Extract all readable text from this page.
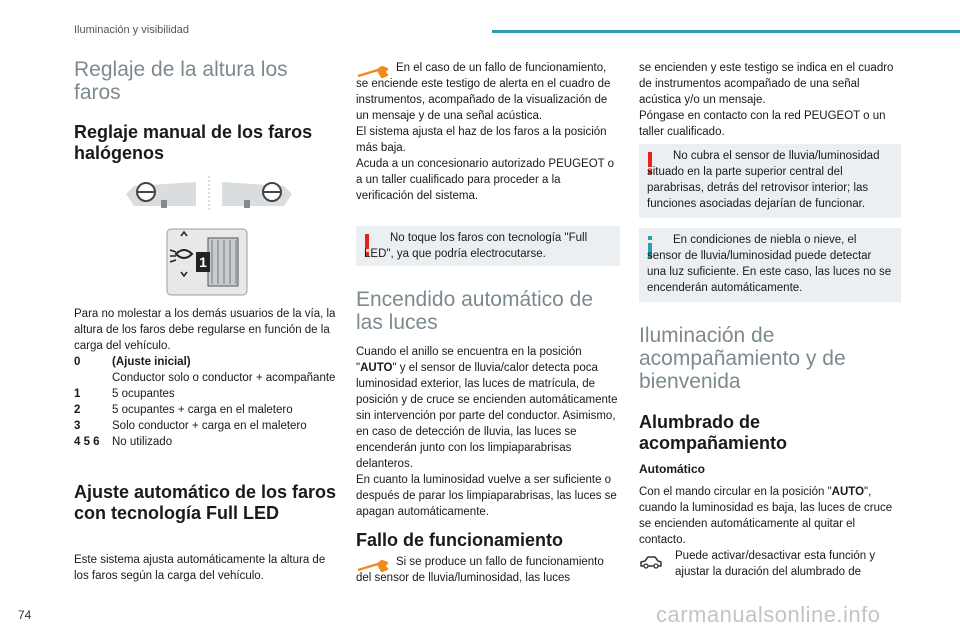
Iluminación y visibilidad
Reglaje de la altura los faros
Reglaje manual de los faros halógenos
1
Para no molestar a los demás usuarios de la vía, la altura de los faros debe regularse en función de la carga del vehículo.
0	(Ajuste inicial)
Conductor solo o conductor + acompañante
1	5 ocupantes
2	5 ocupantes + carga en el maletero
3	Solo conductor + carga en el maletero
4 5 6	No utilizado
Ajuste automático de los faros con tecnología Full LED
Este sistema ajusta automáticamente la altura de los faros según la carga del vehículo.
En el caso de un fallo de funcionamiento, se enciende este testigo de alerta en el cuadro de instrumentos, acompañado de la visualización de un mensaje y de una señal acústica.
El sistema ajusta el haz de los faros a la posición más baja.
Acuda a un concesionario autorizado PEUGEOT o a un taller cualificado para proceder a la verificación del sistema.
No toque los faros con tecnología "Full LED", ya que podría electrocutarse.
Encendido automático de las luces
Cuando el anillo se encuentra en la posición "AUTO" y el sensor de lluvia/calor detecta poca luminosidad exterior, las luces de matrícula, de posición y de cruce se encienden automáticamente sin intervención por parte del conductor. Asimismo, en caso de detección de lluvia, las luces se encenderán junto con los limpiaparabrisas delanteros.
En cuanto la luminosidad vuelve a ser suficiente o después de parar los limpiaparabrisas, las luces se apagan automáticamente.
Fallo de funcionamiento
Si se produce un fallo de funcionamiento del sensor de lluvia/luminosidad, las luces
se encienden y este testigo se indica en el cuadro de instrumentos acompañado de una señal acústica y/o un mensaje.
Póngase en contacto con la red PEUGEOT o un taller cualificado.
No cubra el sensor de lluvia/luminosidad situado en la parte superior central del parabrisas, detrás del retrovisor interior; las funciones asociadas dejarían de funcionar.
En condiciones de niebla o nieve, el sensor de lluvia/luminosidad puede detectar una luz suficiente. En este caso, las luces no se encenderán automáticamente.
Iluminación de acompañamiento y de bienvenida
Alumbrado de acompañamiento
Automático
Con el mando circular en la posición "AUTO", cuando la luminosidad es baja, las luces de cruce se encienden automáticamente al quitar el contacto.
Puede activar/desactivar esta función y ajustar la duración del alumbrado de
74	carmanualsonline.info
